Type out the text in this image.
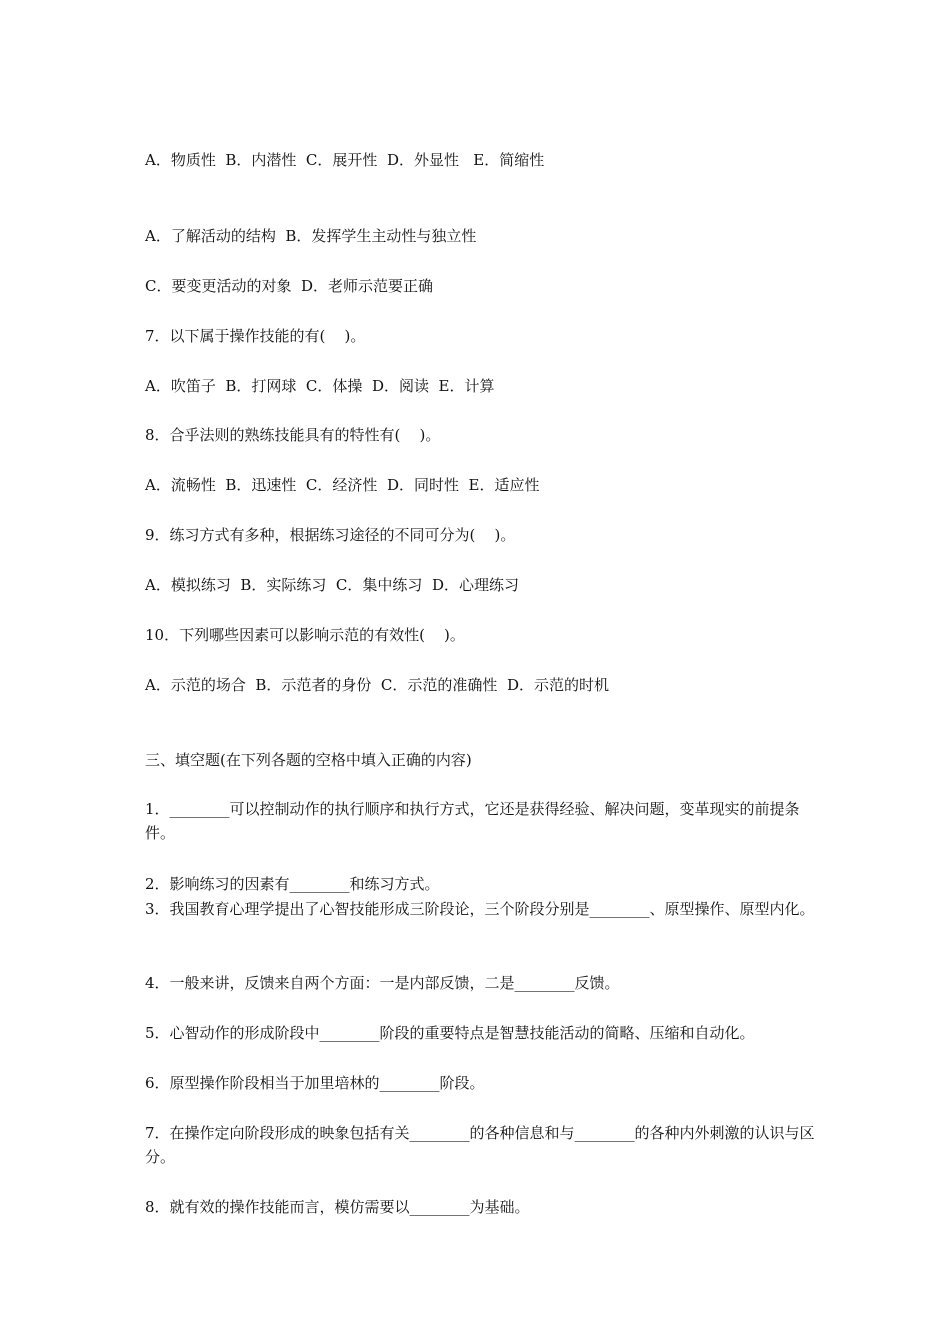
A．物质性  B．内潜性  C．展开性  D．外显性   E．简缩性
A．了解活动的结构  B．发挥学生主动性与独立性
C．要变更活动的对象  D．老师示范要正确
7．以下属于操作技能的有(    )。
A．吹笛子  B．打网球  C．体操  D．阅读  E．计算
8．合乎法则的熟练技能具有的特性有(    )。
A．流畅性  B．迅速性  C．经济性  D．同时性  E．适应性
9．练习方式有多种，根据练习途径的不同可分为(    )。
A．模拟练习  B．实际练习  C．集中练习  D．心理练习
10．下列哪些因素可以影响示范的有效性(    )。
A．示范的场合  B．示范者的身份  C．示范的准确性  D．示范的时机
三、填空题(在下列各题的空格中填入正确的内容)
1．________可以控制动作的执行顺序和执行方式，它还是获得经验、解决问题，变革现实的前提条件。
2．影响练习的因素有________和练习方式。
3．我国教育心理学提出了心智技能形成三阶段论，三个阶段分别是________、原型操作、原型内化。
4．一般来讲，反馈来自两个方面：一是内部反馈，二是________反馈。
5．心智动作的形成阶段中________阶段的重要特点是智慧技能活动的简略、压缩和自动化。
6．原型操作阶段相当于加里培林的________阶段。
7．在操作定向阶段形成的映象包括有关________的各种信息和与________的各种内外刺激的认识与区分。
8．就有效的操作技能而言，模仿需要以________为基础。
